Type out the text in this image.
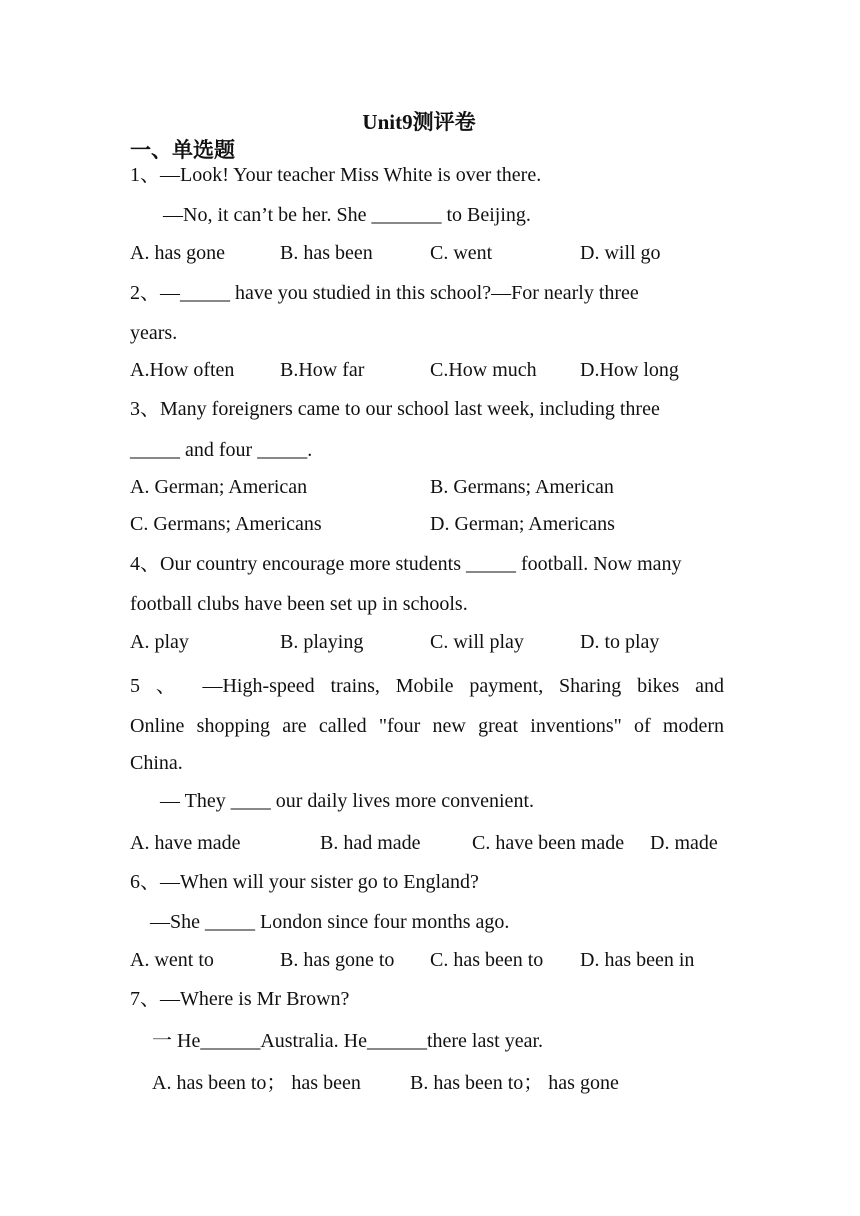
Unit9测评卷
一、单选题
1、—Look! Your teacher Miss White is over there.
—No, it can’t be her. She _______ to Beijing.
A. has gone	B. has been	C. went	D. will go
2、—_____ have you studied in this school?—For nearly three
years.
A.How often B.How far	C.How much D.How long
3、Many foreigners came to our school last week, including three
_____ and four _____.
A. German; American	B. Germans; American
C. Germans; Americans	D. German; Americans
4、Our country encourage more students _____ football. Now many
football clubs have been set up in schools.
A. play	B. playing	C. will play	D. to play
5 、 —High-speed trains, Mobile payment, Sharing bikes and
Online shopping are called "four new great inventions" of modern
China.
— They ____ our daily lives more convenient.
A. have made	B. had made	C. have been made D. made
6、—When will your sister go to England?
—She _____ London since four months ago.
A. went to	B. has gone to C. has been to D. has been in
7、—Where is Mr Brown?
一 He______Australia. He______there last year.
A. has been to； has been B. has been to； has gone
